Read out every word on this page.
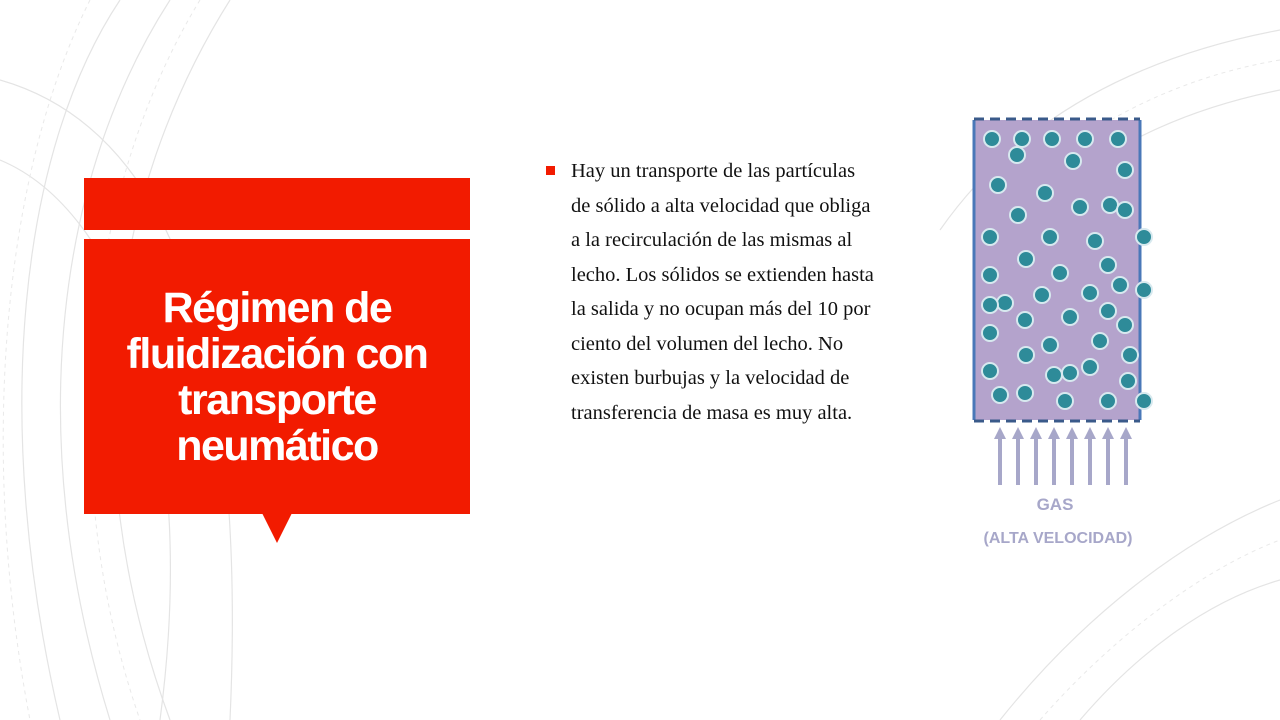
Régimen de fluidización con transporte neumático

Hay un transporte de las partículas de sólido a alta velocidad que obliga a la recirculación de las mismas al lecho. Los sólidos se extienden hasta la salida y no ocupan más del 10 por ciento del volumen del lecho. No existen burbujas y la velocidad de transferencia de masa es muy alta.

GAS
(ALTA VELOCIDAD)
